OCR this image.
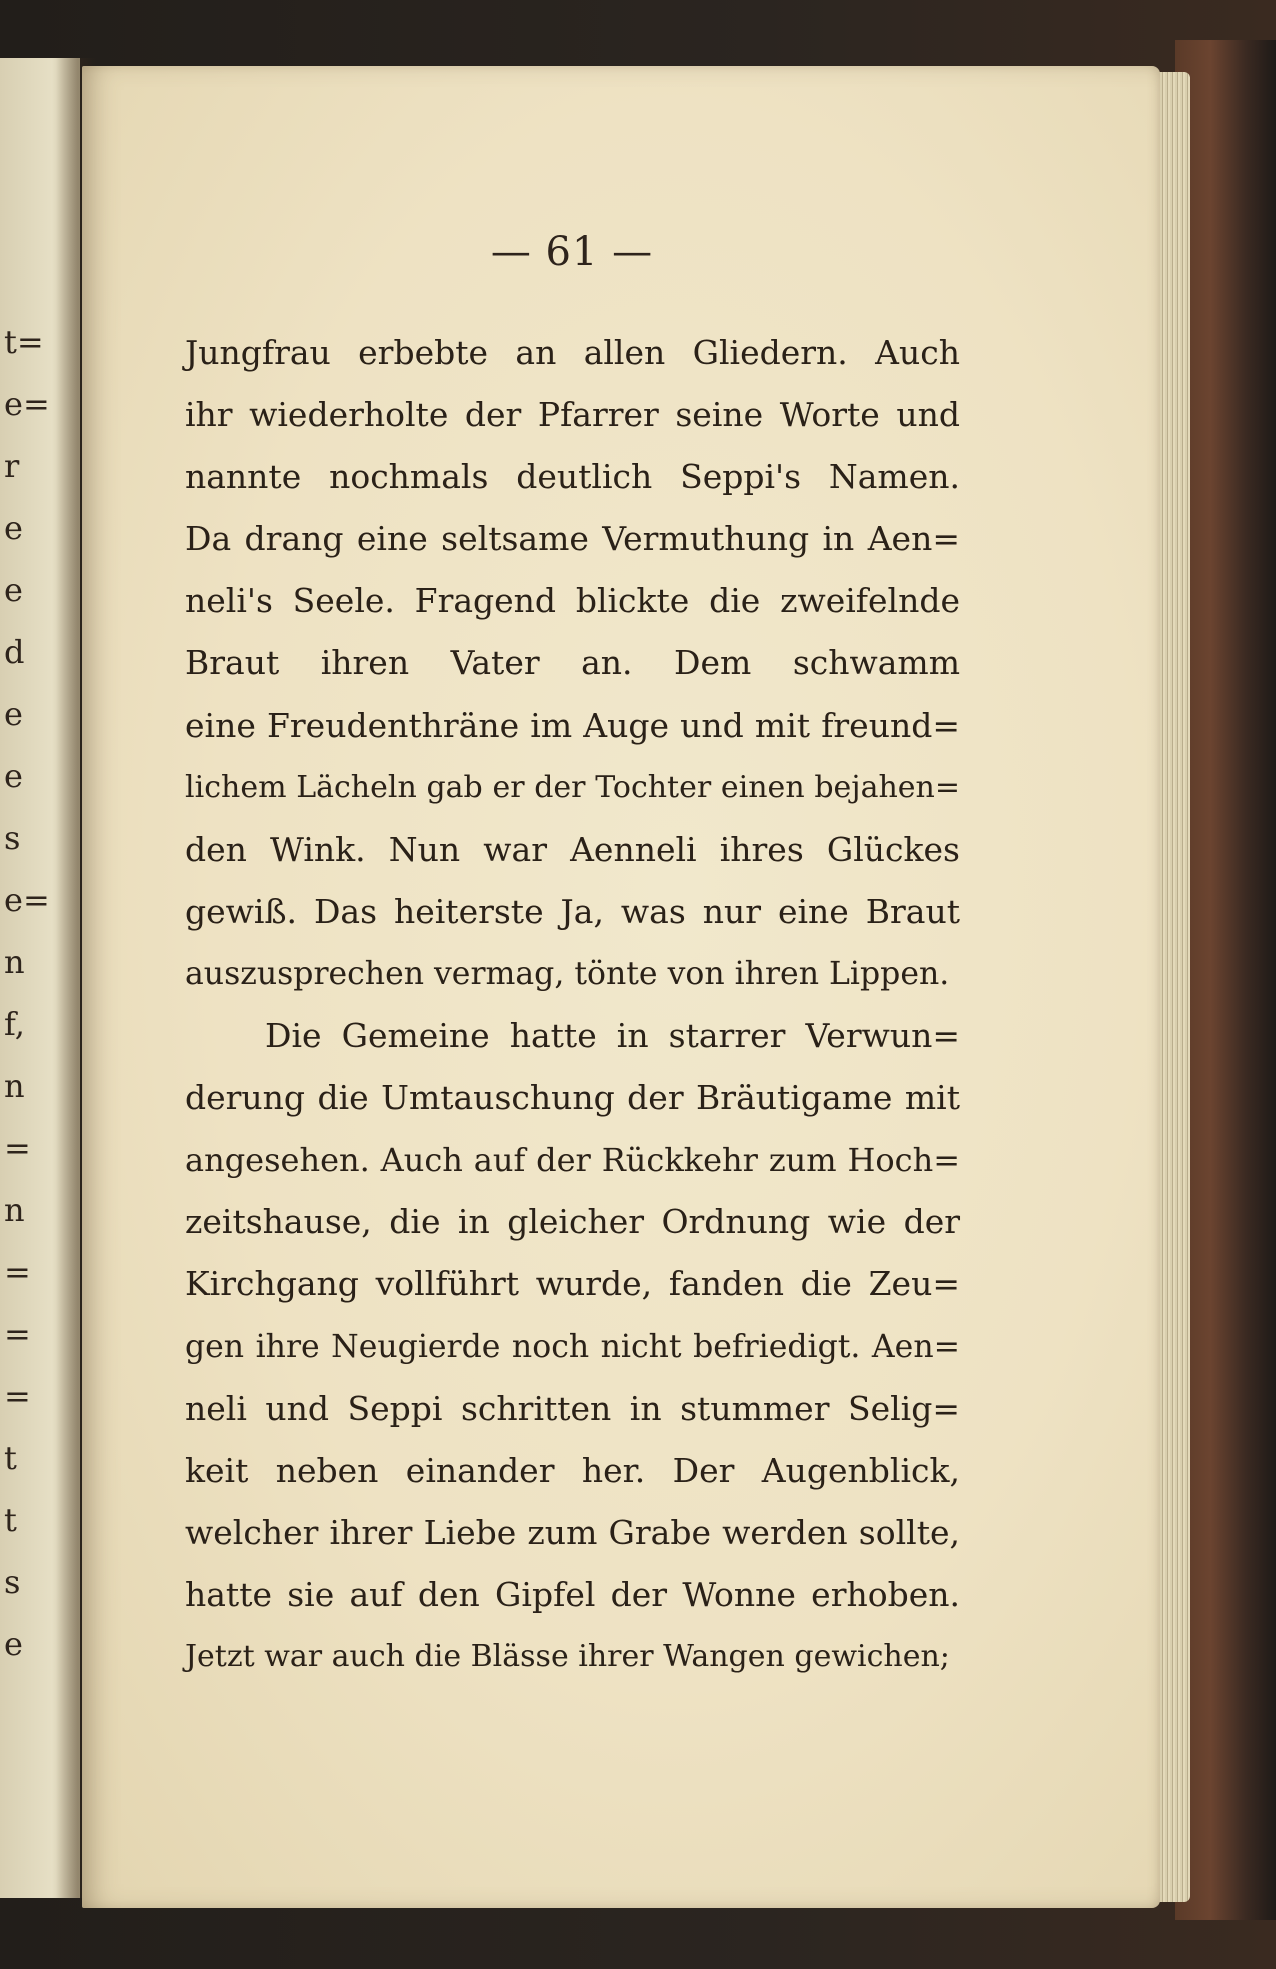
t=
e=
r
e
e
d
e
e
s
e=
n
f,
n
=
n
=
=
=
t
t
s
e
— 61 —
Jungfrau erbebte an allen Gliedern. Auch
ihr wiederholte der Pfarrer seine Worte und
nannte nochmals deutlich Seppi's Namen.
Da drang eine seltsame Vermuthung in Aen=
neli's Seele. Fragend blickte die zweifelnde
Braut ihren Vater an. Dem schwamm
eine Freudenthräne im Auge und mit freund=
lichem Lächeln gab er der Tochter einen bejahen=
den Wink. Nun war Aenneli ihres Glückes
gewiß. Das heiterste Ja, was nur eine Braut
auszusprechen vermag, tönte von ihren Lippen.
Die Gemeine hatte in starrer Verwun=
derung die Umtauschung der Bräutigame mit
angesehen. Auch auf der Rückkehr zum Hoch=
zeitshause, die in gleicher Ordnung wie der
Kirchgang vollführt wurde, fanden die Zeu=
gen ihre Neugierde noch nicht befriedigt. Aen=
neli und Seppi schritten in stummer Selig=
keit neben einander her. Der Augenblick,
welcher ihrer Liebe zum Grabe werden sollte,
hatte sie auf den Gipfel der Wonne erhoben.
Jetzt war auch die Blässe ihrer Wangen gewichen;
